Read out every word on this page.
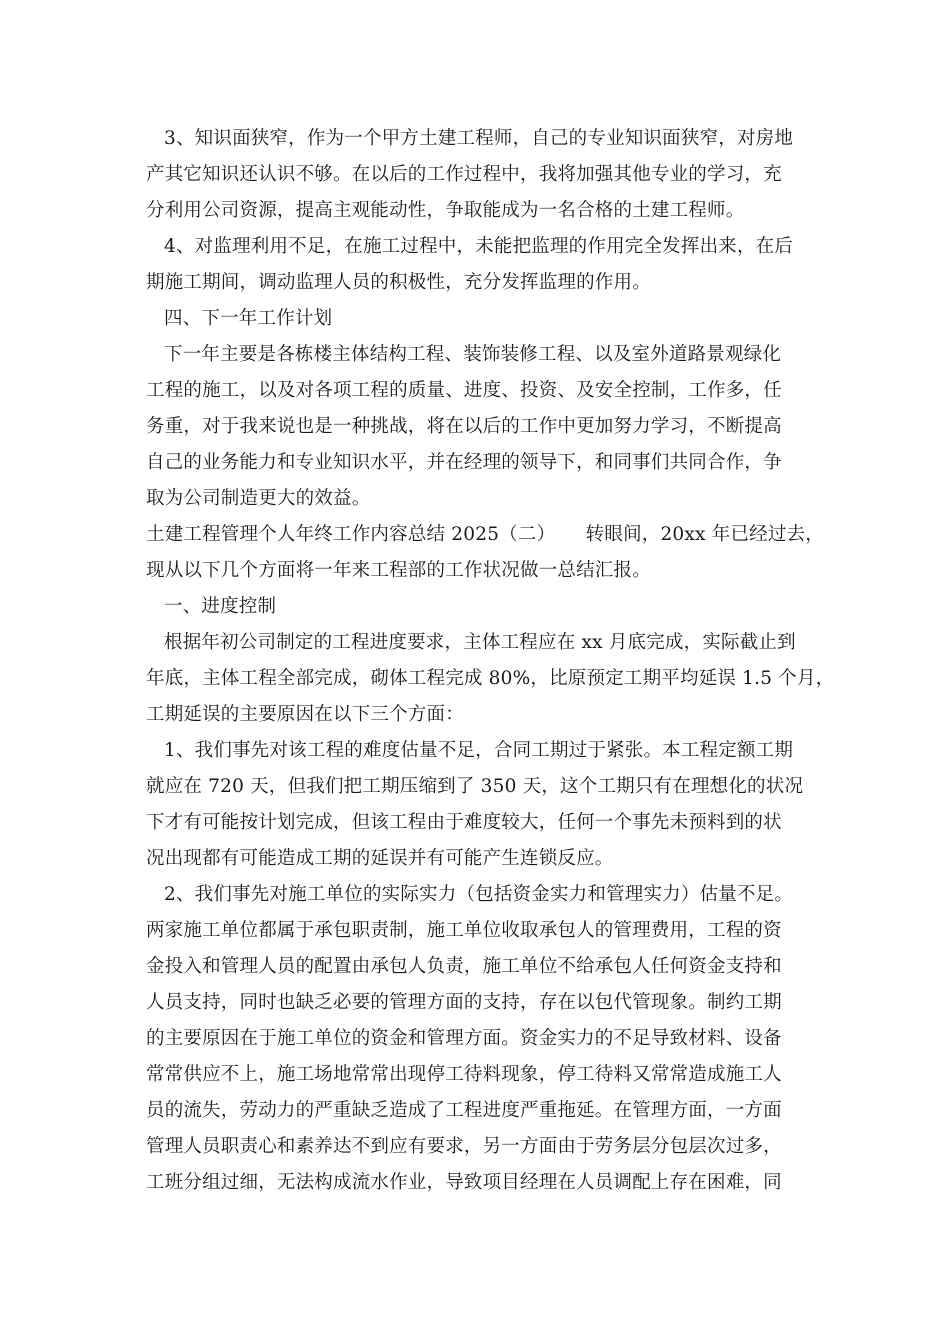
3、知识面狭窄，作为一个甲方土建工程师，自己的专业知识面狭窄，对房地
产其它知识还认识不够。在以后的工作过程中，我将加强其他专业的学习，充
分利用公司资源，提高主观能动性，争取能成为一名合格的土建工程师。
4、对监理利用不足，在施工过程中，未能把监理的作用完全发挥出来，在后
期施工期间，调动监理人员的积极性，充分发挥监理的作用。
四、下一年工作计划
下一年主要是各栋楼主体结构工程、装饰装修工程、以及室外道路景观绿化
工程的施工，以及对各项工程的质量、进度、投资、及安全控制，工作多，任
务重，对于我来说也是一种挑战，将在以后的工作中更加努力学习，不断提高
自己的业务能力和专业知识水平，并在经理的领导下，和同事们共同合作，争
取为公司制造更大的效益。
土建工程管理个人年终工作内容总结 2025（二）     转眼间，20xx 年已经过去，
现从以下几个方面将一年来工程部的工作状况做一总结汇报。
一、进度控制
根据年初公司制定的工程进度要求，主体工程应在 xx 月底完成，实际截止到
年底，主体工程全部完成，砌体工程完成 80%，比原预定工期平均延误 1.5 个月，
工期延误的主要原因在以下三个方面：
1、我们事先对该工程的难度估量不足，合同工期过于紧张。本工程定额工期
就应在 720 天，但我们把工期压缩到了 350 天，这个工期只有在理想化的状况
下才有可能按计划完成，但该工程由于难度较大，任何一个事先未预料到的状
况出现都有可能造成工期的延误并有可能产生连锁反应。
2、我们事先对施工单位的实际实力（包括资金实力和管理实力）估量不足。
两家施工单位都属于承包职责制，施工单位收取承包人的管理费用，工程的资
金投入和管理人员的配置由承包人负责，施工单位不给承包人任何资金支持和
人员支持，同时也缺乏必要的管理方面的支持，存在以包代管现象。制约工期
的主要原因在于施工单位的资金和管理方面。资金实力的不足导致材料、设备
常常供应不上，施工场地常常出现停工待料现象，停工待料又常常造成施工人
员的流失，劳动力的严重缺乏造成了工程进度严重拖延。在管理方面，一方面
管理人员职责心和素养达不到应有要求，另一方面由于劳务层分包层次过多，
工班分组过细，无法构成流水作业，导致项目经理在人员调配上存在困难，同
